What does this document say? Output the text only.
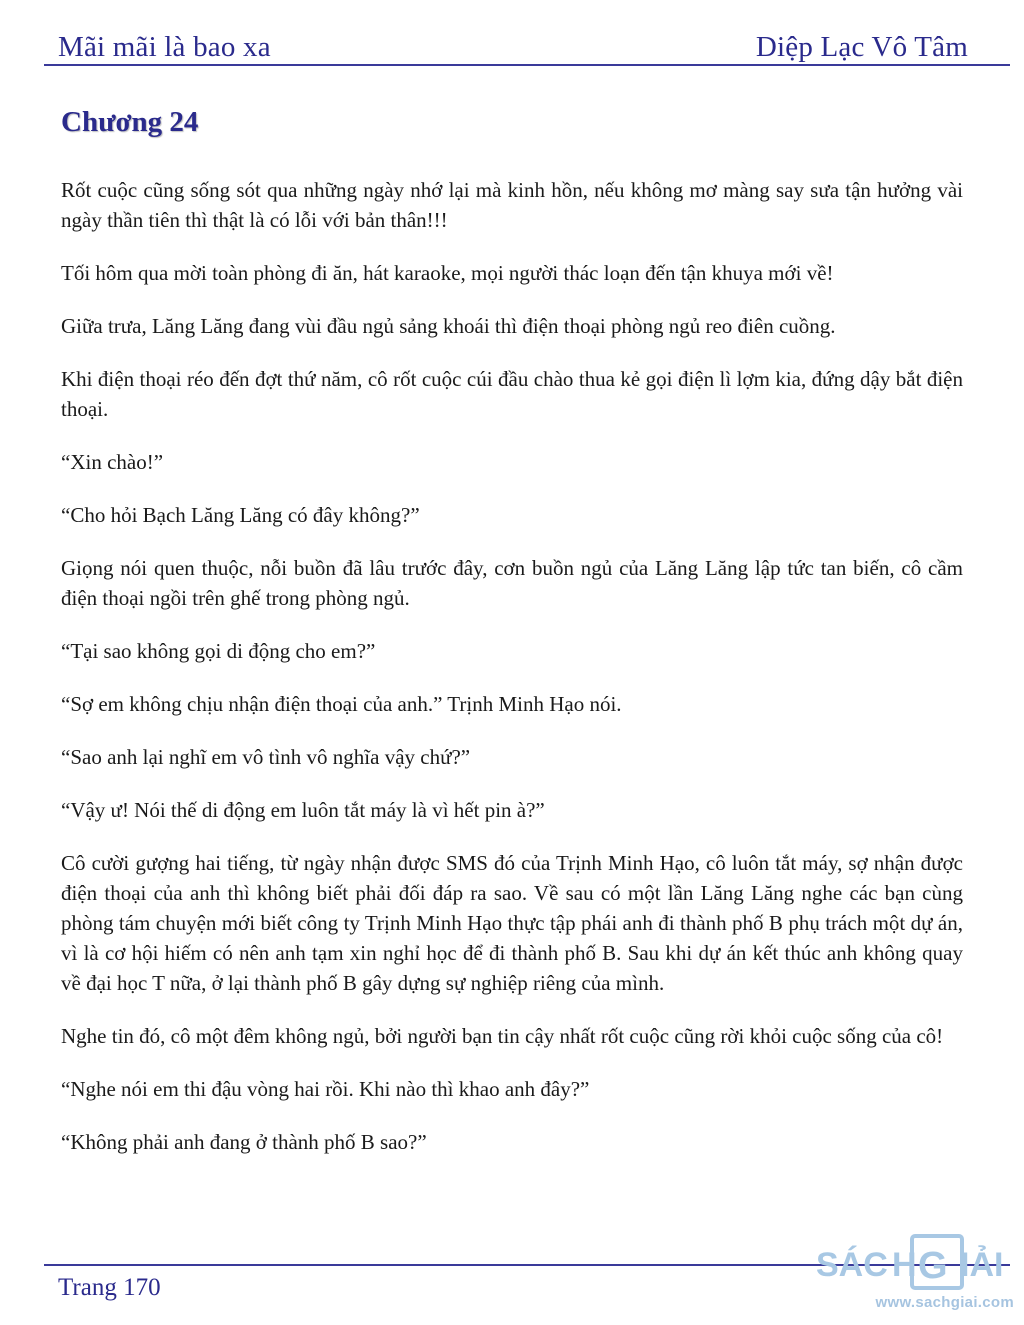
Mãi mãi là bao xa	Diệp Lạc Vô Tâm
Chương 24

Rốt cuộc cũng sống sót qua những ngày nhớ lại mà kinh hồn, nếu không mơ màng say sưa tận hưởng vài ngày thần tiên thì thật là có lỗi với bản thân!!!

Tối hôm qua mời toàn phòng đi ăn, hát karaoke, mọi người thác loạn đến tận khuya mới về!

Giữa trưa, Lăng Lăng đang vùi đầu ngủ sảng khoái thì điện thoại phòng ngủ reo điên cuồng.

Khi điện thoại réo đến đợt thứ năm, cô rốt cuộc cúi đầu chào thua kẻ gọi điện lì lợm kia, đứng dậy bắt điện thoại.

“Xin chào!”

“Cho hỏi Bạch Lăng Lăng có đây không?”

Giọng nói quen thuộc, nỗi buồn đã lâu trước đây, cơn buồn ngủ của Lăng Lăng lập tức tan biến, cô cầm điện thoại ngồi trên ghế trong phòng ngủ.

“Tại sao không gọi di động cho em?”

“Sợ em không chịu nhận điện thoại của anh.” Trịnh Minh Hạo nói.

“Sao anh lại nghĩ em vô tình vô nghĩa vậy chứ?”

“Vậy ư! Nói thế di động em luôn tắt máy là vì hết pin à?”

Cô cười gượng hai tiếng, từ ngày nhận được SMS đó của Trịnh Minh Hạo, cô luôn tắt máy, sợ nhận được điện thoại của anh thì không biết phải đối đáp ra sao. Về sau có một lần Lăng Lăng nghe các bạn cùng phòng tám chuyện mới biết công ty Trịnh Minh Hạo thực tập phái anh đi thành phố B phụ trách một dự án, vì là cơ hội hiếm có nên anh tạm xin nghỉ học để đi thành phố B. Sau khi dự án kết thúc anh không quay về đại học T nữa, ở lại thành phố B gây dựng sự nghiệp riêng của mình.

Nghe tin đó, cô một đêm không ngủ, bởi người bạn tin cậy nhất rốt cuộc cũng rời khỏi cuộc sống của cô!

“Nghe nói em thi đậu vòng hai rồi. Khi nào thì khao anh đây?”

“Không phải anh đang ở thành phố B sao?”

Trang 170
SÁC H G IẢI
www.sachgiai.com
